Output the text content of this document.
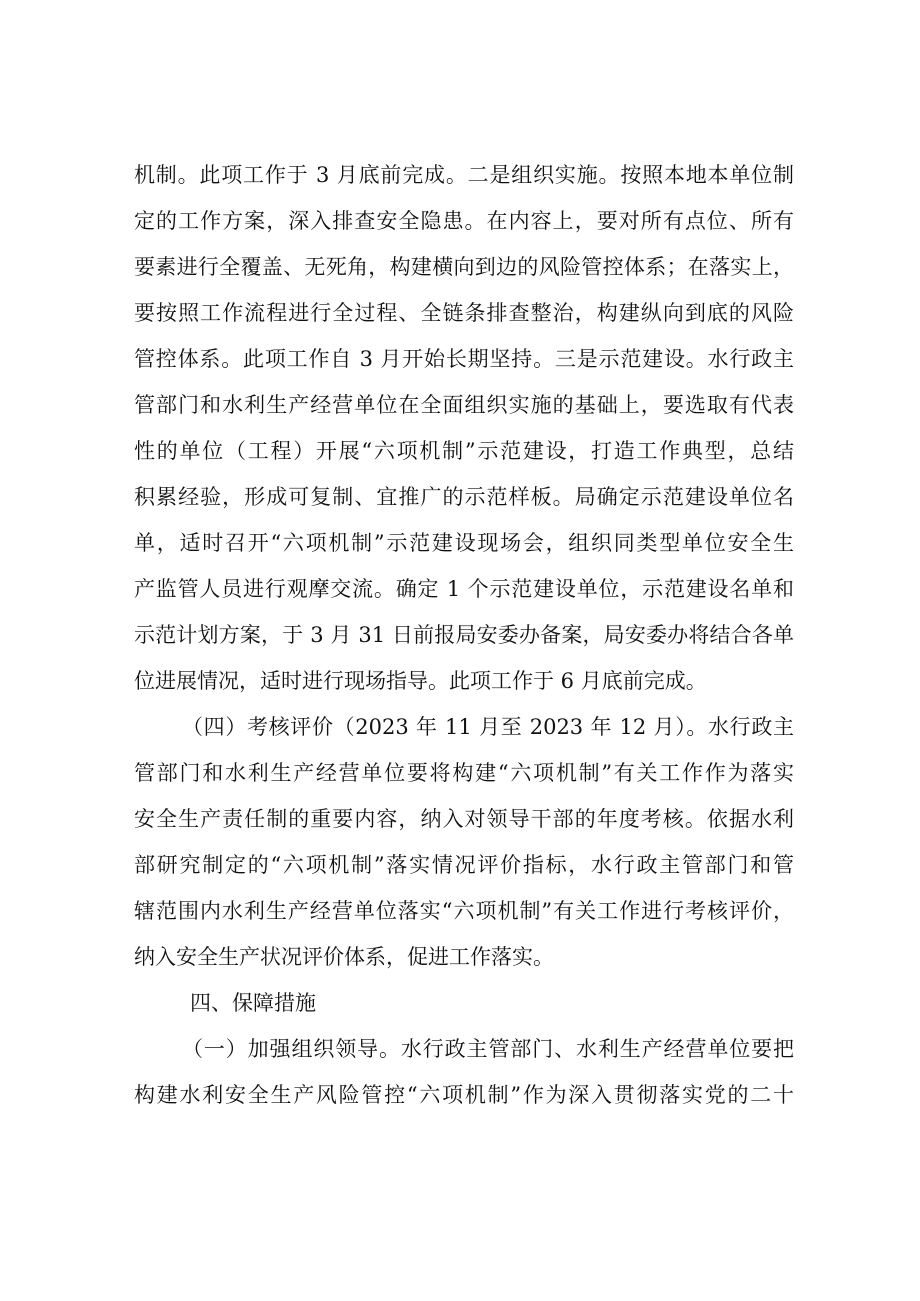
机制。此项工作于 3 月底前完成。二是组织实施。按照本地本单位制
定的工作方案，深入排查安全隐患。在内容上，要对所有点位、所有
要素进行全覆盖、无死角，构建横向到边的风险管控体系；在落实上，
要按照工作流程进行全过程、全链条排查整治，构建纵向到底的风险
管控体系。此项工作自 3 月开始长期坚持。三是示范建设。水行政主
管部门和水利生产经营单位在全面组织实施的基础上，要选取有代表
性的单位（工程）开展“六项机制”示范建设，打造工作典型，总结
积累经验，形成可复制、宜推广的示范样板。局确定示范建设单位名
单，适时召开“六项机制”示范建设现场会，组织同类型单位安全生
产监管人员进行观摩交流。确定 1 个示范建设单位，示范建设名单和
示范计划方案，于 3 月 31 日前报局安委办备案，局安委办将结合各单
位进展情况，适时进行现场指导。此项工作于 6 月底前完成。
（四）考核评价（2023 年 11 月至 2023 年 12 月）。水行政主
管部门和水利生产经营单位要将构建“六项机制”有关工作作为落实
安全生产责任制的重要内容，纳入对领导干部的年度考核。依据水利
部研究制定的“六项机制”落实情况评价指标，水行政主管部门和管
辖范围内水利生产经营单位落实“六项机制”有关工作进行考核评价，
纳入安全生产状况评价体系，促进工作落实。
四、保障措施
（一）加强组织领导。水行政主管部门、水利生产经营单位要把
构建水利安全生产风险管控“六项机制”作为深入贯彻落实党的二十
